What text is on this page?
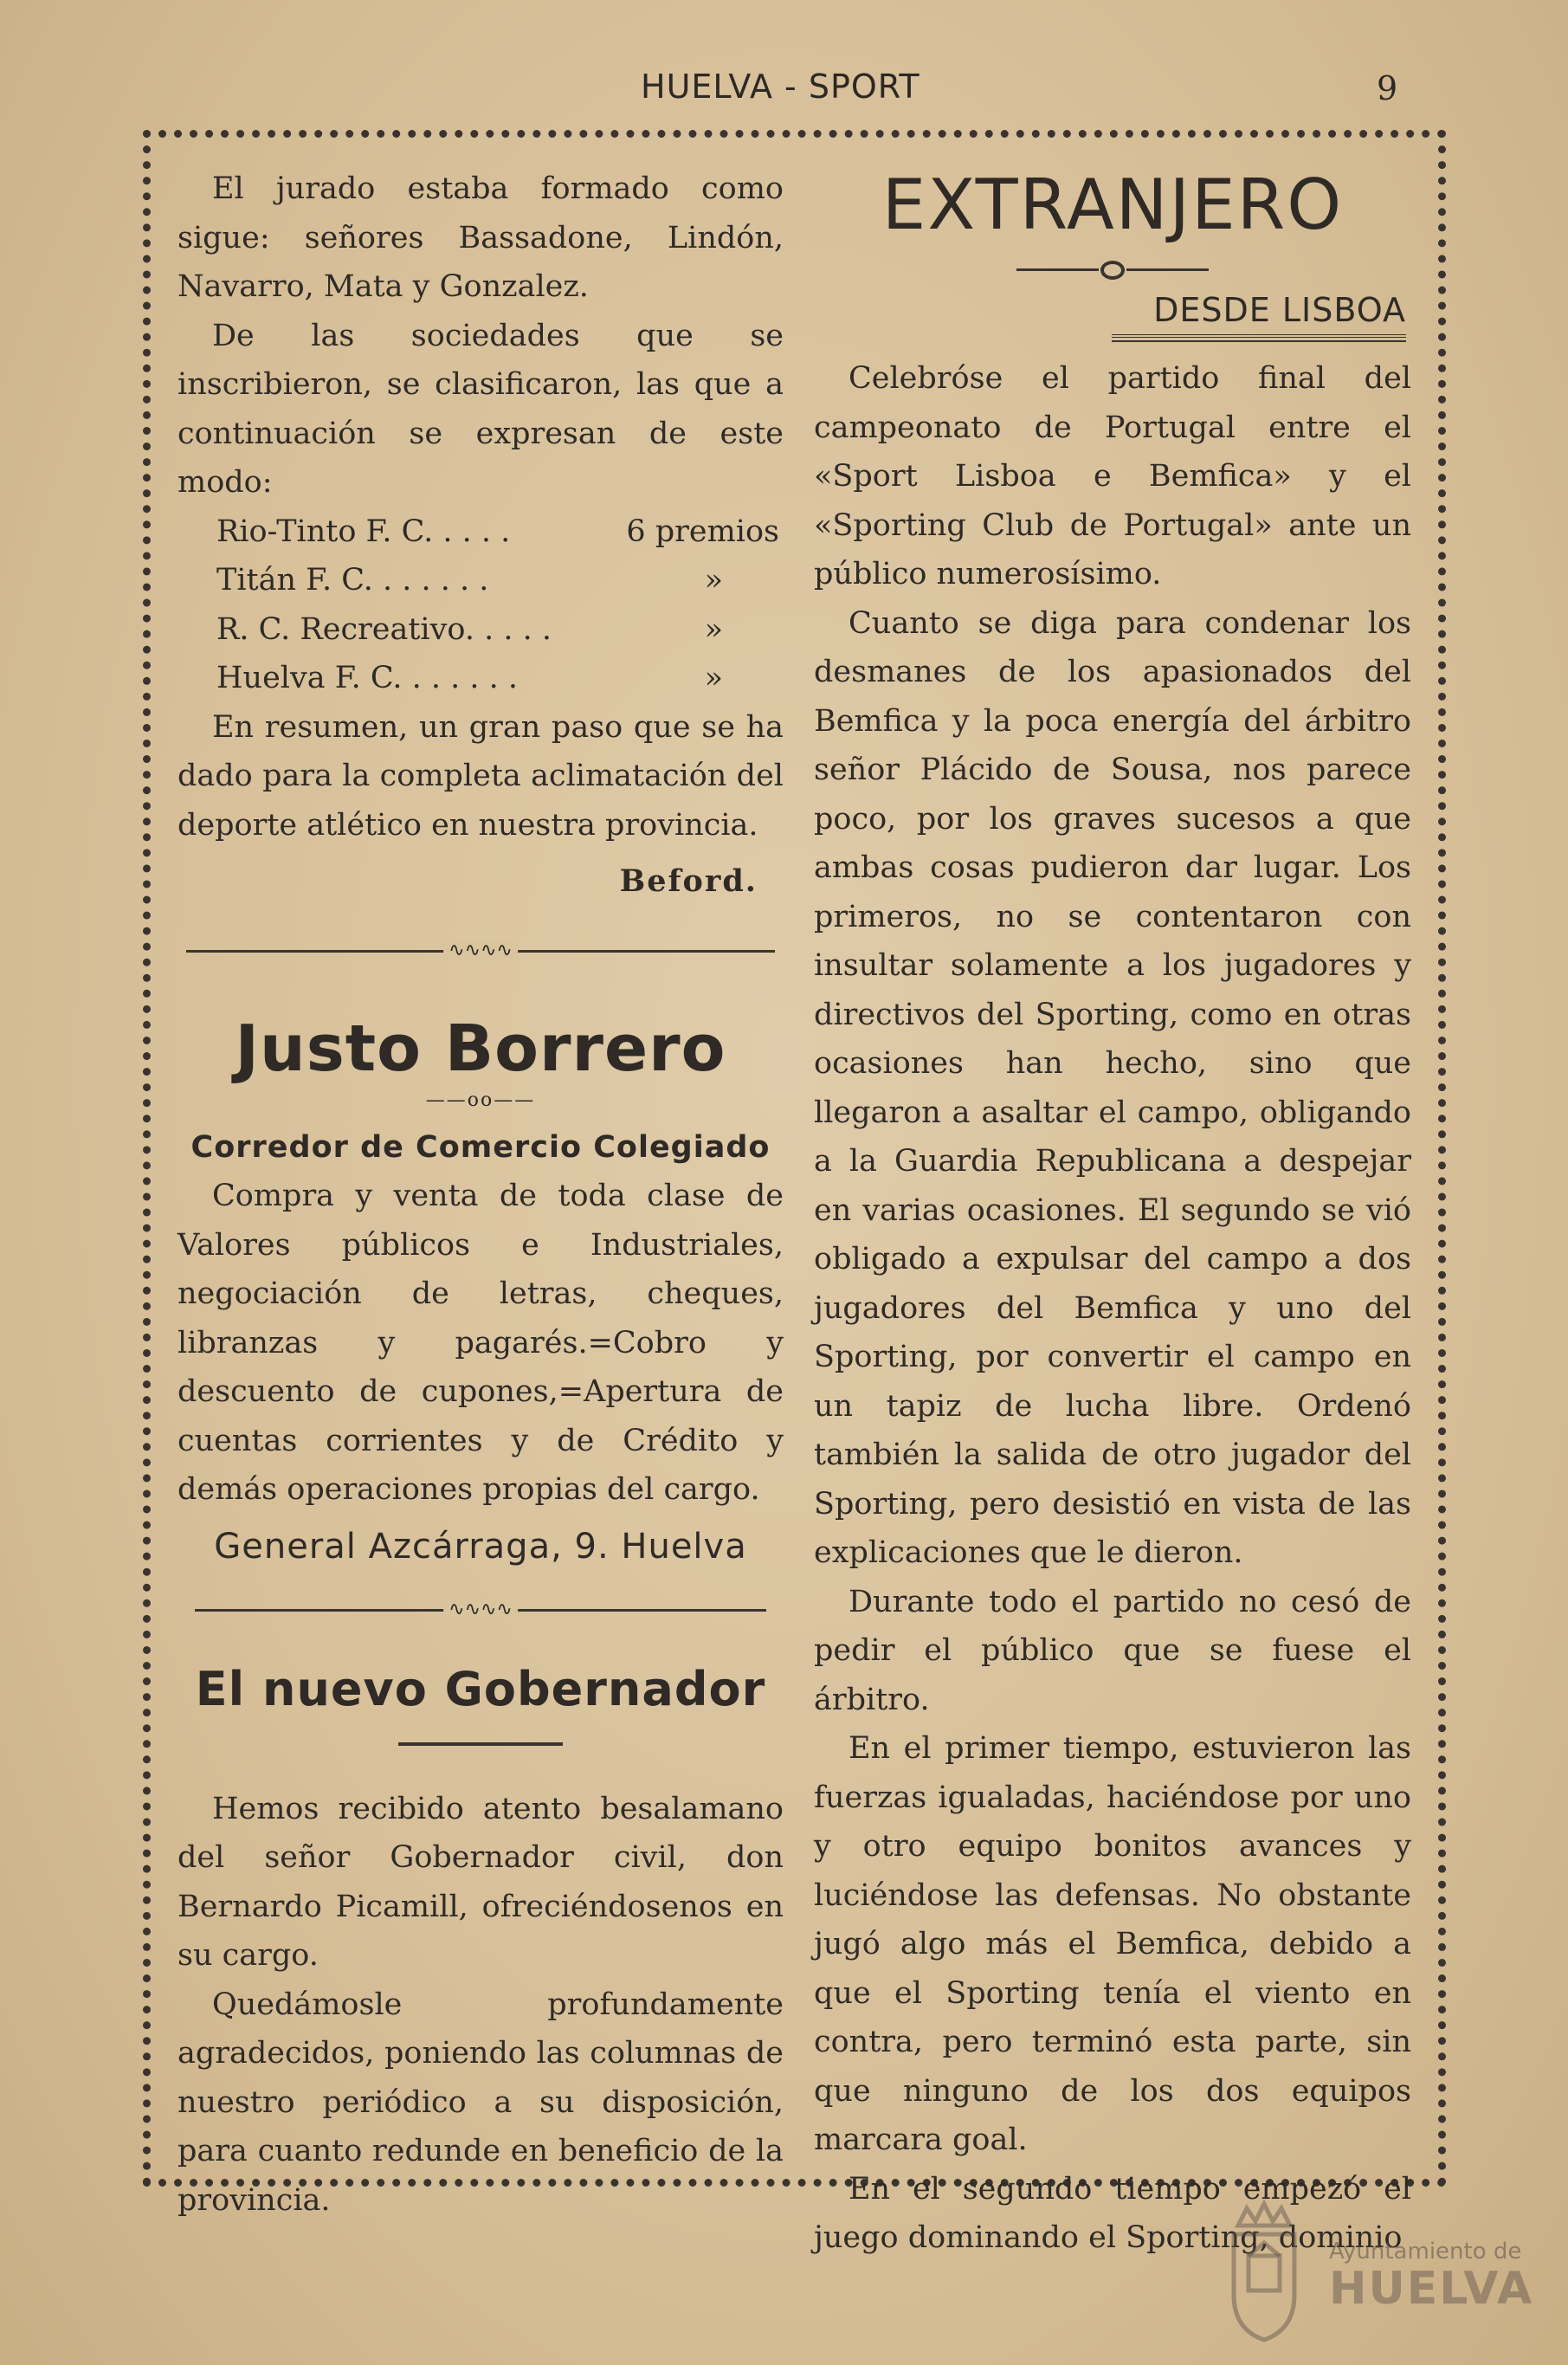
HUELVA - SPORT	9

El jurado estaba formado como sigue: señores Bassadone, Lindón, Navarro, Mata y Gonzalez.

De las sociedades que se inscribieron, se clasificaron, las que a continuación se expresan de este modo:

Rio-Tinto F. C. . . . .	6 premios
Titán F. C. . . . . . .	»
R. C. Recreativo. . . . .	»
Huelva F. C. . . . . . .	»

En resumen, un gran paso que se ha dado para la completa aclimatación del deporte atlético en nuestra provincia.

Beford.
∿∿∿∿
Justo Borrero
——oo——

Corredor de Comercio Colegiado

Compra y venta de toda clase de Valores públicos e Industriales, negociación de letras, cheques, libranzas y pagarés.=Cobro y descuento de cupones,=Apertura de cuentas corrientes y de Crédito y demás operaciones propias del cargo.

General Azcárraga, 9. Huelva

∿∿∿∿
El nuevo Gobernador

Hemos recibido atento besalamano del señor Gobernador civil, don Bernardo Picamill, ofreciéndosenos en su cargo.

Quedámosle profundamente agradecidos, poniendo las columnas de nuestro periódico a su disposición, para cuanto redunde en beneficio de la provincia.

EXTRANJERO

DESDE LISBOA

Celebróse el partido final del campeonato de Portugal entre el «Sport Lisboa e Bemfica» y el «Sporting Club de Portugal» ante un público numerosísimo.

Cuanto se diga para condenar los desmanes de los apasionados del Bemfica y la poca energía del árbitro señor Plácido de Sousa, nos parece poco, por los graves sucesos a que ambas cosas pudieron dar lugar. Los primeros, no se contentaron con insultar solamente a los jugadores y directivos del Sporting, como en otras ocasiones han hecho, sino que llegaron a asaltar el campo, obligando a la Guardia Republicana a despejar en varias ocasiones. El segundo se vió obligado a expulsar del campo a dos jugadores del Bemfica y uno del Sporting, por convertir el campo en un tapiz de lucha libre. Ordenó también la salida de otro jugador del Sporting, pero desistió en vista de las explicaciones que le dieron.

Durante todo el partido no cesó de pedir el público que se fuese el árbitro.

En el primer tiempo, estuvieron las fuerzas igualadas, haciéndose por uno y otro equipo bonitos avances y luciéndose las defensas. No obstante jugó algo más el Bemfica, debido a que el Sporting tenía el viento en contra, pero terminó esta parte, sin que ninguno de los dos equipos marcara goal.

En el segundo tiempo empezó el juego dominando el Sporting, dominio

Ayuntamiento de
HUELVA
